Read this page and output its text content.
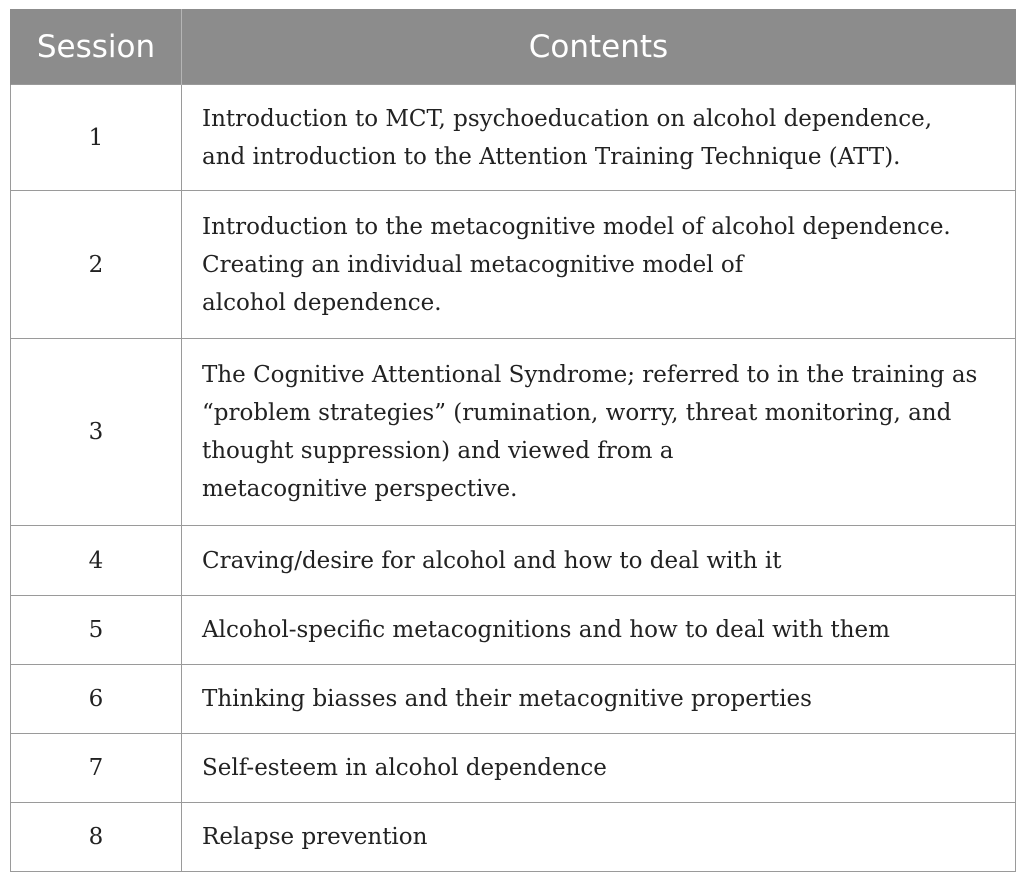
Session	Contents
1	Introduction to MCT, psychoeducation on alcohol dependence,
and introduction to the Attention Training Technique (ATT).

2	Introduction to the metacognitive model of alcohol dependence.
Creating an individual metacognitive model of
alcohol dependence.

3	The Cognitive Attentional Syndrome; referred to in the training as
“problem strategies” (rumination, worry, threat monitoring, and
thought suppression) and viewed from a
metacognitive perspective.

4	Craving/desire for alcohol and how to deal with it

5	Alcohol-specific metacognitions and how to deal with them

6	Thinking biasses and their metacognitive properties

7	Self-esteem in alcohol dependence

8	Relapse prevention
